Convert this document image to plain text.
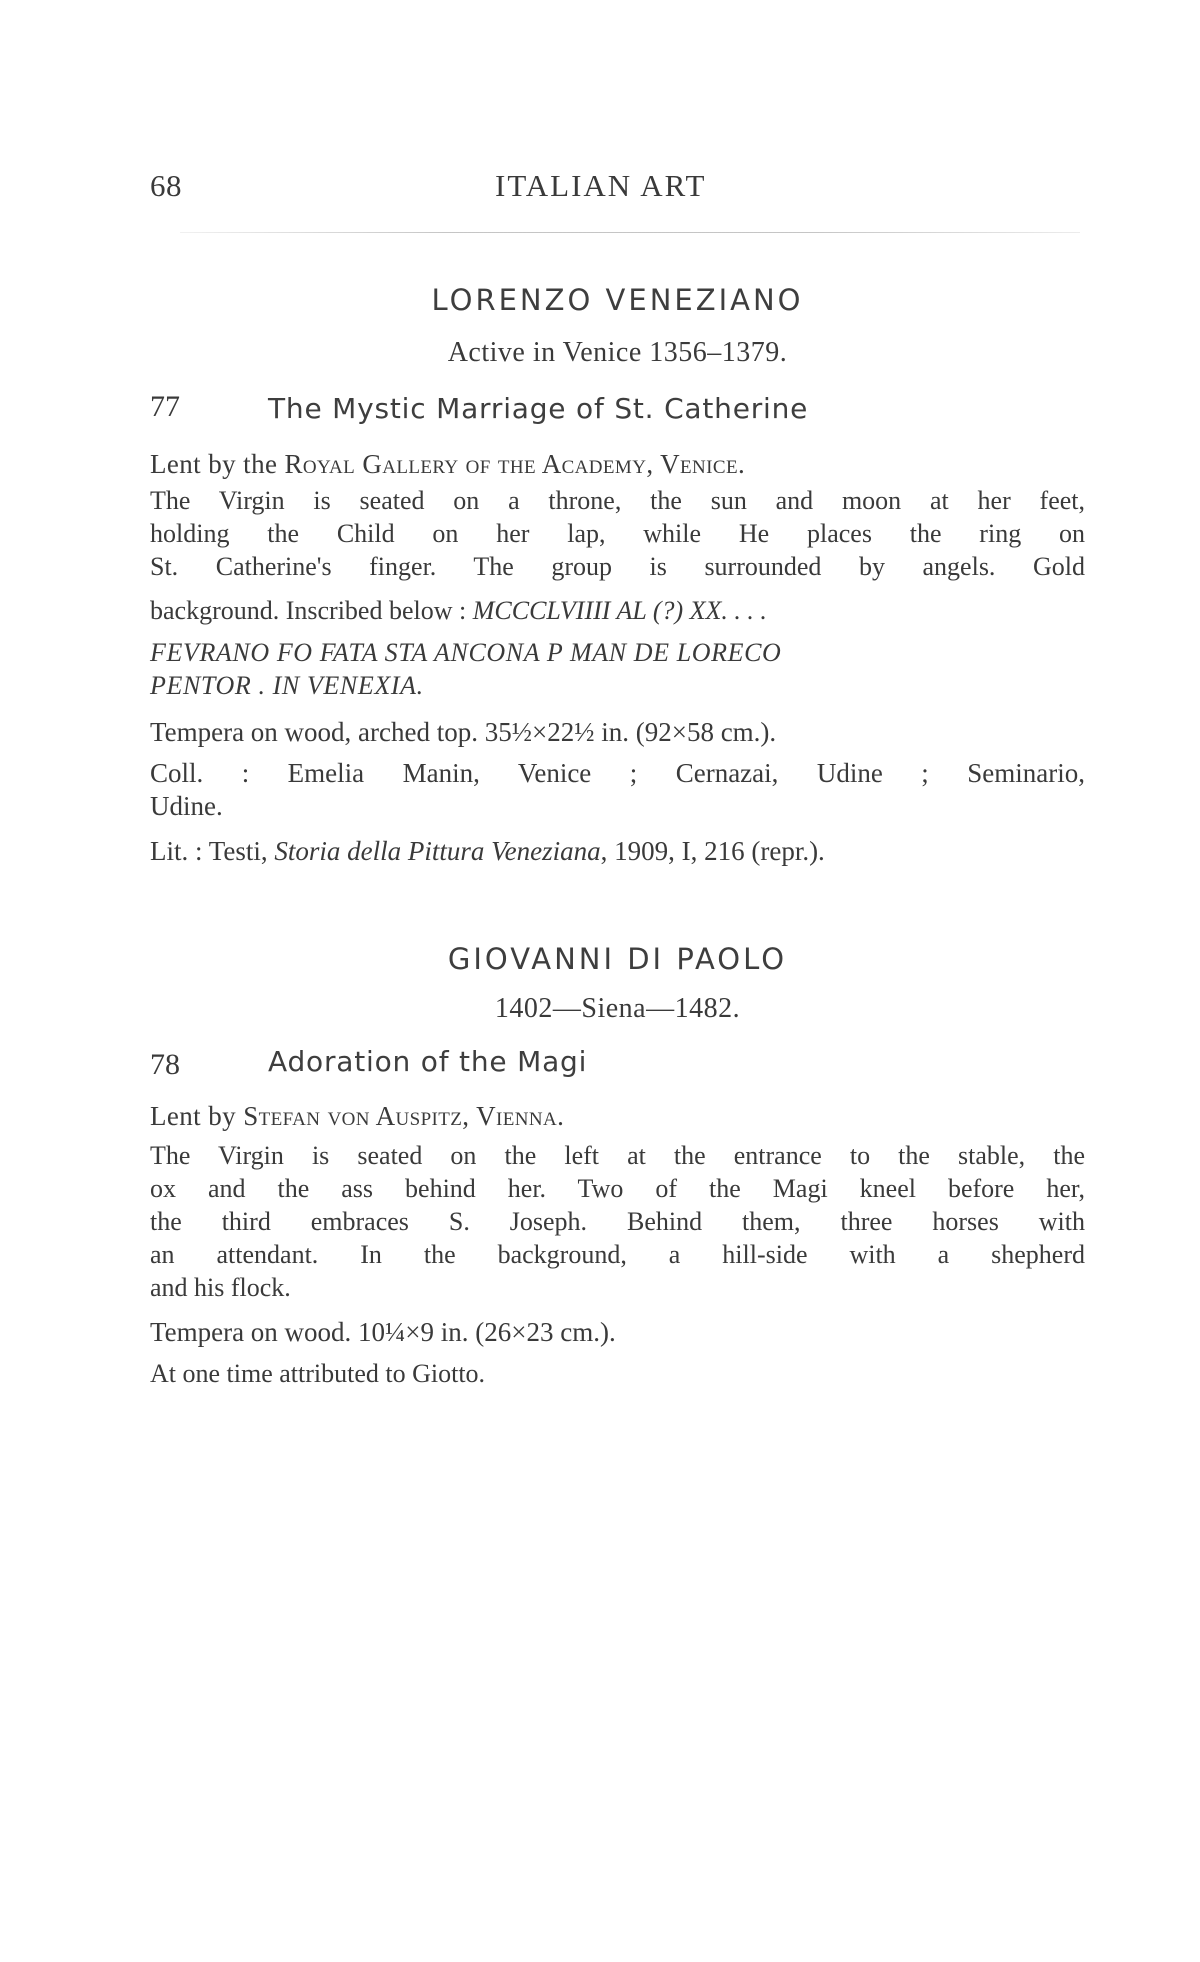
68	ITALIAN ART
LORENZO VENEZIANO
Active in Venice 1356–1379.
77	The Mystic Marriage of St. Catherine
Lent by the Royal Gallery of the Academy, Venice.
The Virgin is seated on a throne, the sun and moon at her feet,
holding the Child on her lap, while He places the ring on
St. Catherine's finger. The group is surrounded by angels. Gold
background. Inscribed below : MCCCLVIIII AL (?) XX. . . .
FEVRANO FO FATA STA ANCONA P MAN DE LORECO
PENTOR . IN VENEXIA.
Tempera on wood, arched top. 35½×22½ in. (92×58 cm.).
Coll. : Emelia Manin, Venice ; Cernazai, Udine ; Seminario,
Udine.
Lit. : Testi, Storia della Pittura Veneziana, 1909, I, 216 (repr.).
GIOVANNI DI PAOLO
1402—Siena—1482.
78	Adoration of the Magi
Lent by Stefan von Auspitz, Vienna.
The Virgin is seated on the left at the entrance to the stable, the
ox and the ass behind her. Two of the Magi kneel before her,
the third embraces S. Joseph. Behind them, three horses with
an attendant. In the background, a hill-side with a shepherd
and his flock.
Tempera on wood. 10¼×9 in. (26×23 cm.).
At one time attributed to Giotto.
